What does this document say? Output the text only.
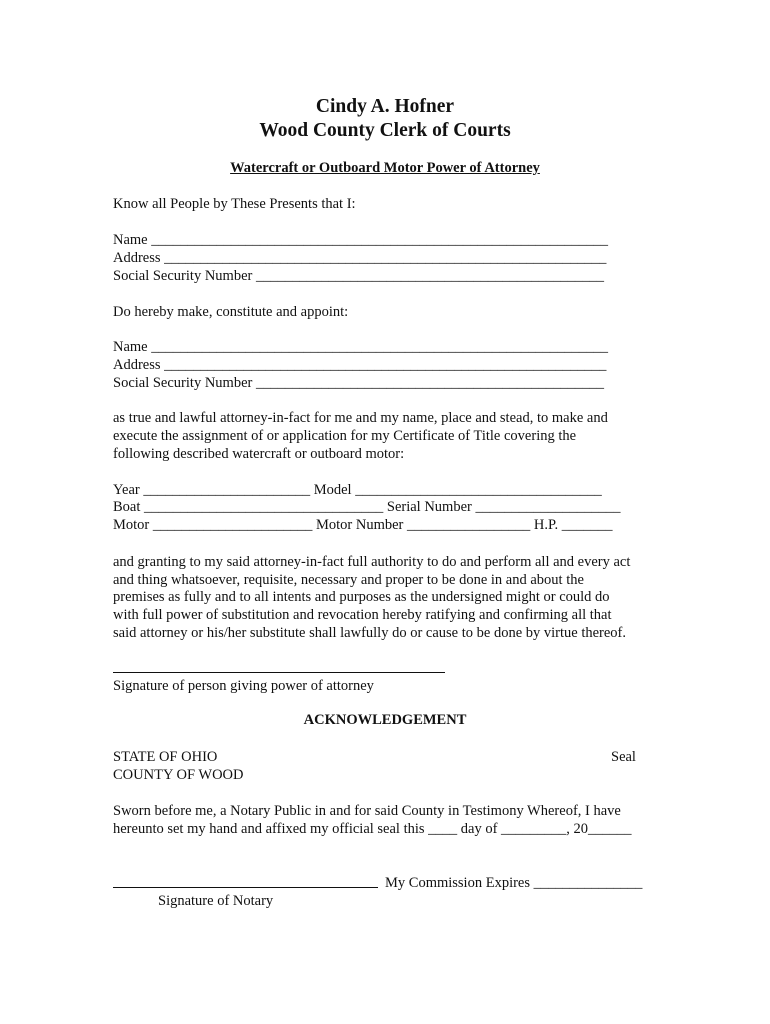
Cindy A. Hofner
Wood County Clerk of Courts
Watercraft or Outboard Motor Power of Attorney
Know all People by These Presents that I:
Name _______________________________________________________________
Address _____________________________________________________________
Social Security Number ________________________________________________
Do hereby make, constitute and appoint:
Name _______________________________________________________________
Address _____________________________________________________________
Social Security Number ________________________________________________
as true and lawful attorney-in-fact for me and my name, place and stead, to make and
execute the assignment of or application for my Certificate of Title covering the
following described watercraft or outboard motor:
Year _______________________ Model __________________________________
Boat _________________________________ Serial Number ____________________
Motor ______________________ Motor Number _________________ H.P. _______
and granting to my said attorney-in-fact full authority to do and perform all and every act
and thing whatsoever, requisite, necessary and proper to be done in and about the
premises as fully and to all intents and purposes as the undersigned might or could do
with full power of substitution and revocation hereby ratifying and confirming all that
said attorney or his/her substitute shall lawfully do or cause to be done by virtue thereof.
Signature of person giving power of attorney
ACKNOWLEDGEMENT
STATE OF OHIO
COUNTY OF WOOD
Seal
Sworn before me, a Notary Public in and for said County in Testimony Whereof, I have
hereunto set my hand and affixed my official seal this ____ day of _________, 20______
My Commission Expires _______________
Signature of Notary
